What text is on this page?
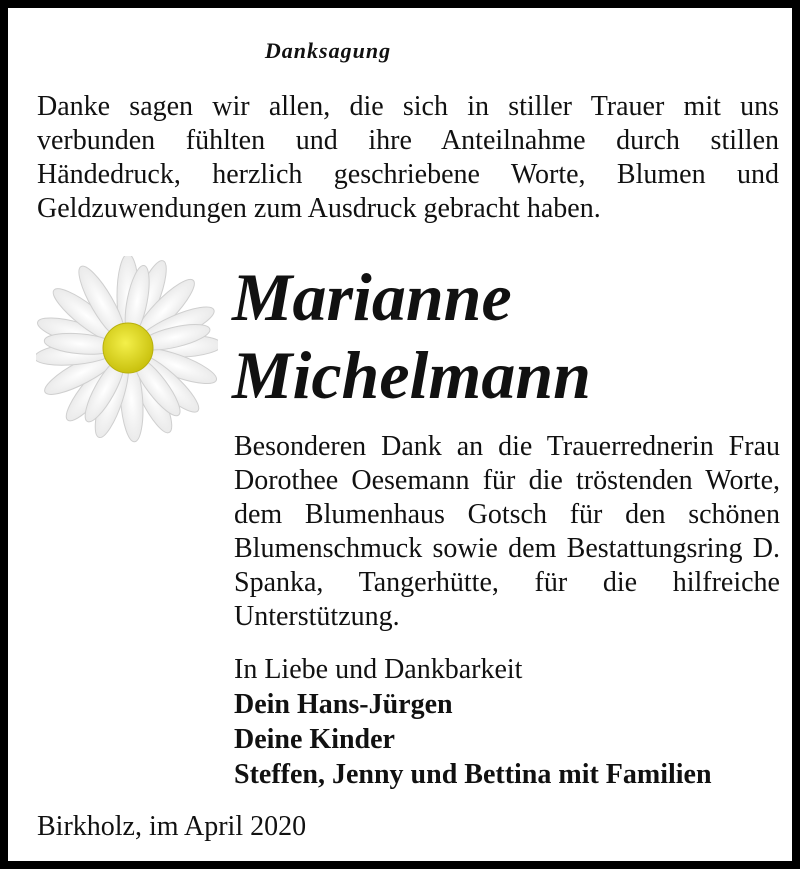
Danksagung
Danke sagen wir allen, die sich in stiller Trauer mit uns verbunden fühlten und ihre Anteilnahme durch stillen Händedruck, herzlich geschriebene Worte, Blumen und Geldzuwendungen zum Ausdruck gebracht haben.
Marianne
Michelmann
Besonderen Dank an die Trauerrednerin Frau Dorothee Oesemann für die tröstenden Worte, dem Blumenhaus Gotsch für den schönen Blumenschmuck sowie dem Bestattungsring D. Spanka, Tangerhütte, für die hilfreiche Unterstützung.
In Liebe und Dankbarkeit
Dein Hans-Jürgen
Deine Kinder
Steffen, Jenny und Bettina mit Familien
Birkholz, im April 2020
